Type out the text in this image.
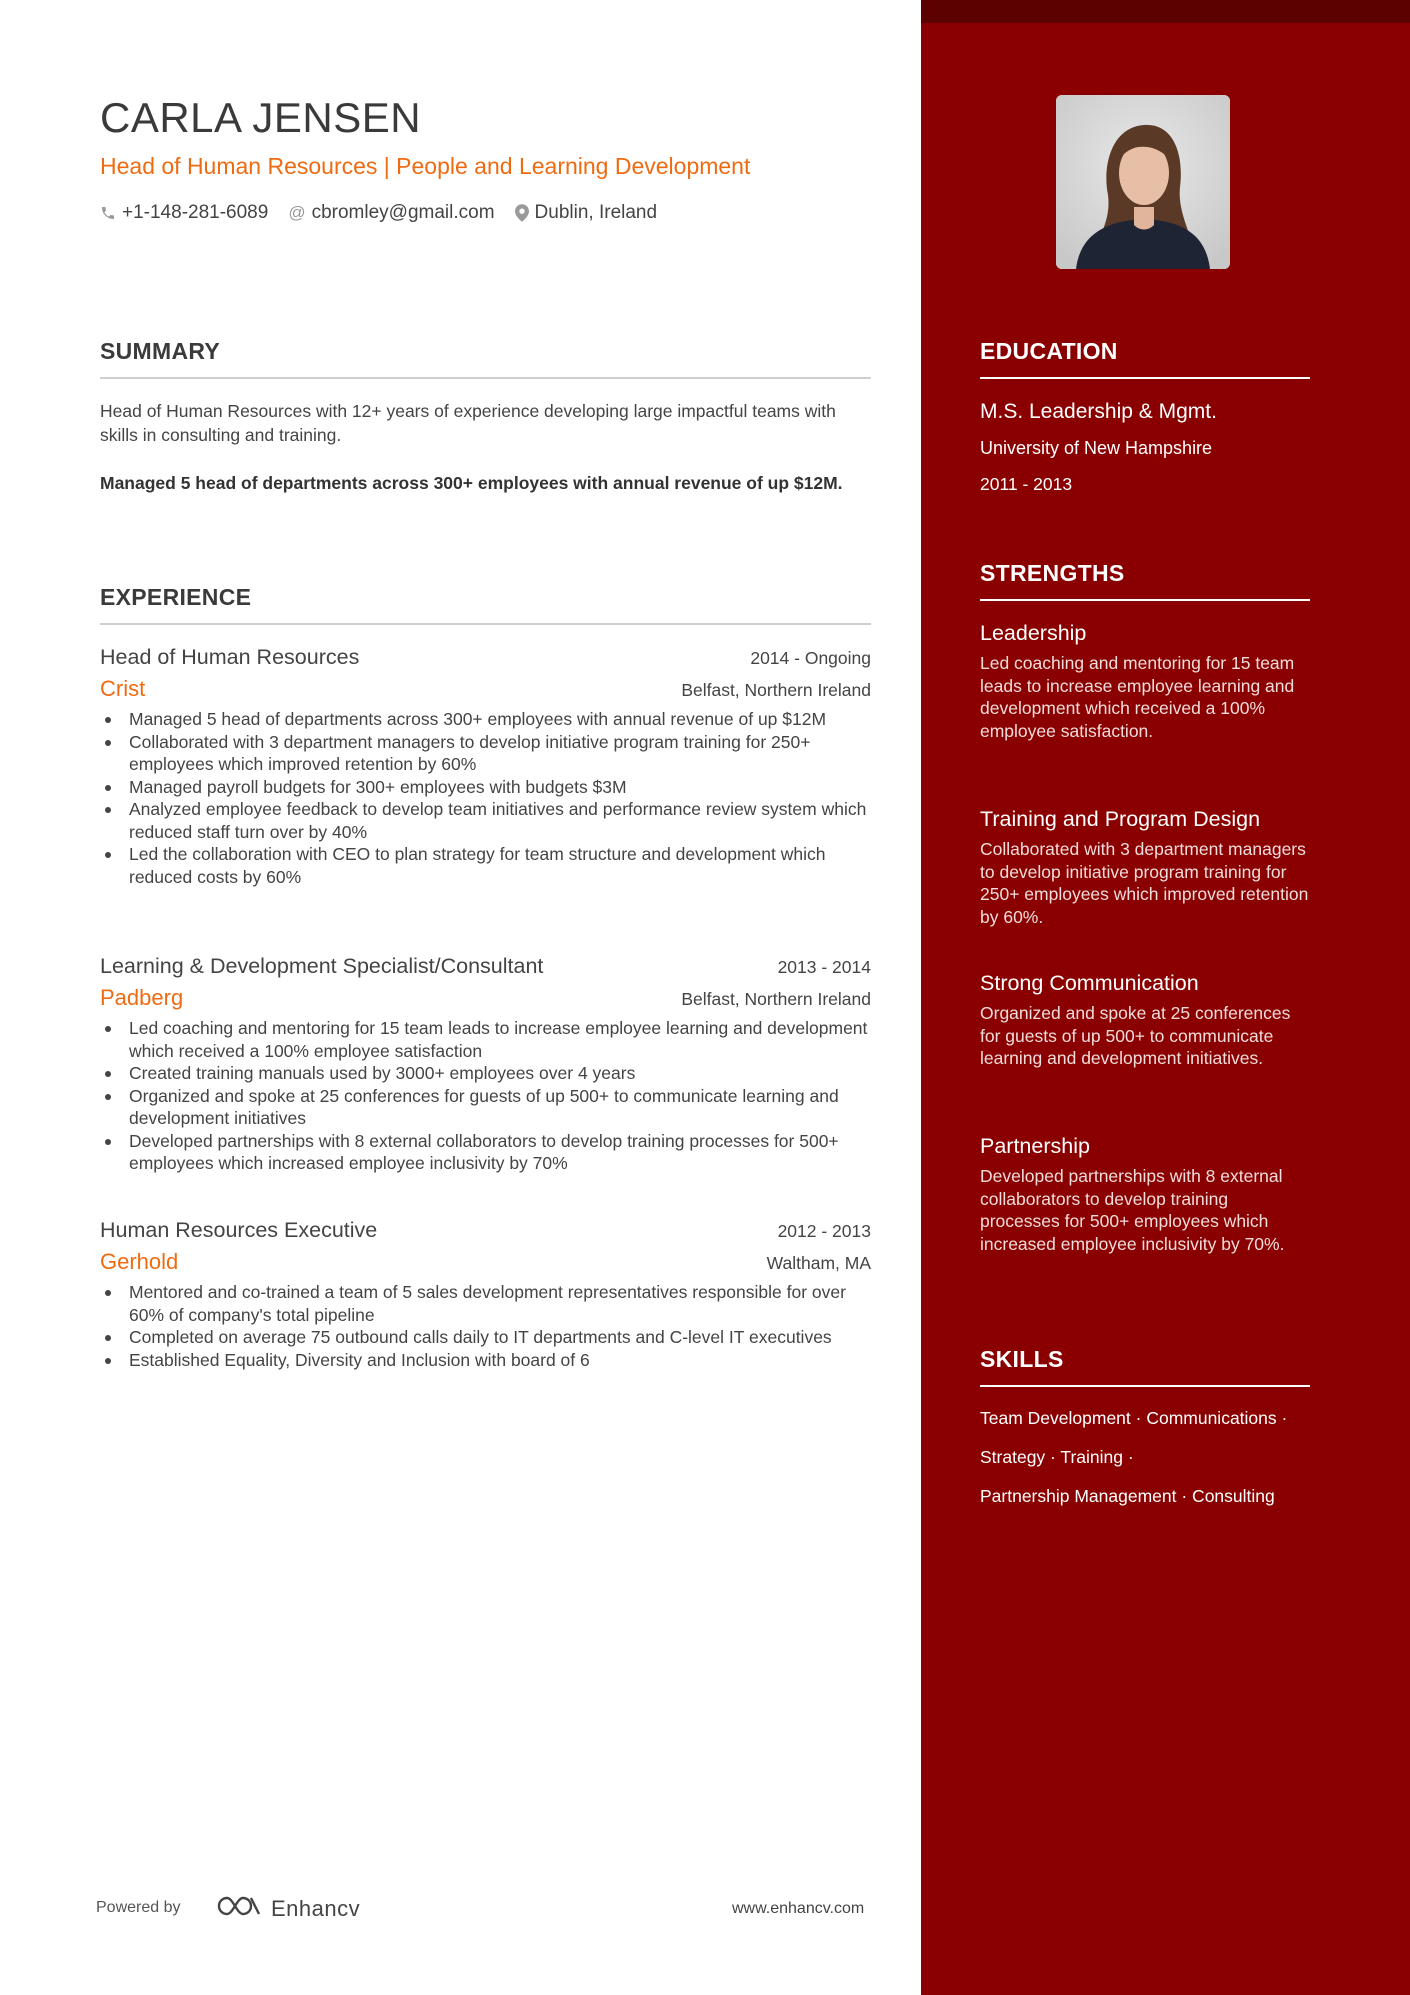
CARLA JENSEN
Head of Human Resources | People and Learning Development
+1-148-281-6089 @ cbromley@gmail.com Dublin, Ireland
SUMMARY

Head of Human Resources with 12+ years of experience developing large impactful teams with skills in consulting and training.

Managed 5 head of departments across 300+ employees with annual revenue of up $12M.

EXPERIENCE
Head of Human Resources	2014 - Ongoing
Crist	Belfast, Northern Ireland
Managed 5 head of departments across 300+ employees with annual revenue of up $12M
Collaborated with 3 department managers to develop initiative program training for 250+ employees which improved retention by 60%
Managed payroll budgets for 300+ employees with budgets $3M
Analyzed employee feedback to develop team initiatives and performance review system which reduced staff turn over by 40%
Led the collaboration with CEO to plan strategy for team structure and development which reduced costs by 60%
Learning & Development Specialist/Consultant	2013 - 2014
Padberg	Belfast, Northern Ireland
Led coaching and mentoring for 15 team leads to increase employee learning and development which received a 100% employee satisfaction
Created training manuals used by 3000+ employees over 4 years
Organized and spoke at 25 conferences for guests of up 500+ to communicate learning and development initiatives
Developed partnerships with 8 external collaborators to develop training processes for 500+ employees which increased employee inclusivity by 70%
Human Resources Executive	2012 - 2013
Gerhold	Waltham, MA
Mentored and co-trained a team of 5 sales development representatives responsible for over 60% of company's total pipeline
Completed on average 75 outbound calls daily to IT departments and C-level IT executives
Established Equality, Diversity and Inclusion with board of 6
Powered by	Enhancv	www.enhancv.com
EDUCATION
M.S. Leadership & Mgmt.
University of New Hampshire
2011 - 2013
STRENGTHS
Leadership
Led coaching and mentoring for 15 team leads to increase employee learning and development which received a 100% employee satisfaction.
Training and Program Design
Collaborated with 3 department managers to develop initiative program training for 250+ employees which improved retention by 60%.
Strong Communication
Organized and spoke at 25 conferences for guests of up 500+ to communicate learning and development initiatives.
Partnership
Developed partnerships with 8 external collaborators to develop training processes for 500+ employees which increased employee inclusivity by 70%.
SKILLS
Team Development · Communications ·
Strategy · Training ·
Partnership Management · Consulting
